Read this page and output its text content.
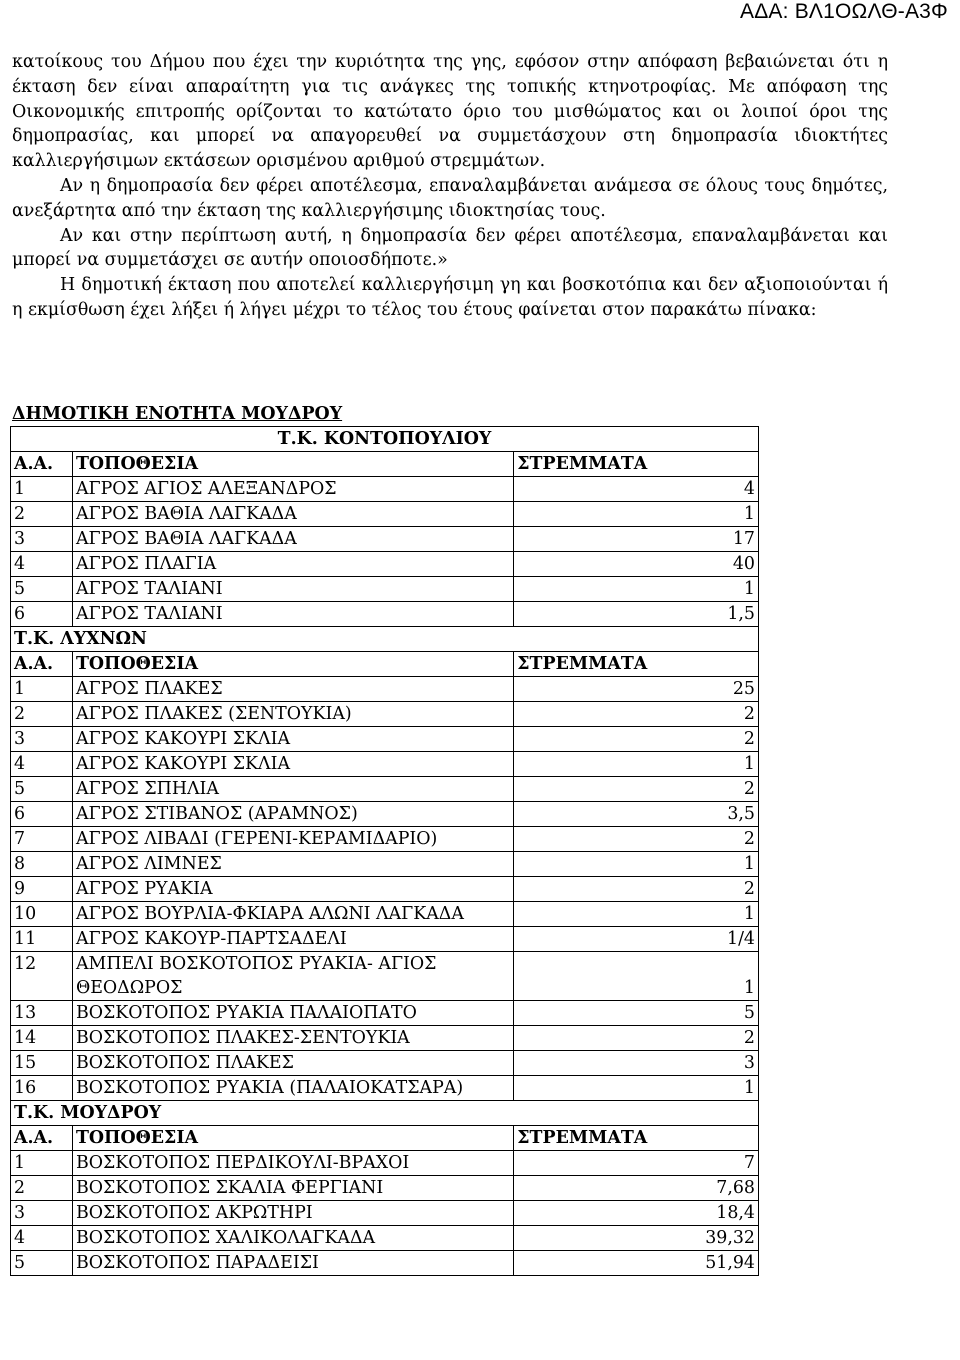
ΑΔΑ: ΒΛ1ΟΩΛΘ-Α3Φ

κατοίκους του Δήμου που έχει την κυριότητα της γης, εφόσον στην απόφαση βεβαιώνεται ότι η έκταση δεν είναι απαραίτητη για τις ανάγκες της τοπικής κτηνοτροφίας. Με απόφαση της Οικονομικής επιτροπής ορίζονται το κατώτατο όριο του μισθώματος και οι λοιποί όροι της δημοπρασίας, και μπορεί να απαγορευθεί να συμμετάσχουν στη δημοπρασία ιδιοκτήτες καλλιεργήσιμων εκτάσεων ορισμένου αριθμού στρεμμάτων.

Αν η δημοπρασία δεν φέρει αποτέλεσμα, επαναλαμβάνεται ανάμεσα σε όλους τους δημότες, ανεξάρτητα από την έκταση της καλλιεργήσιμης ιδιοκτησίας τους.

Αν και στην περίπτωση αυτή, η δημοπρασία δεν φέρει αποτέλεσμα, επαναλαμβάνεται και μπορεί να συμμετάσχει σε αυτήν οποιοσδήποτε.»

Η δημοτική έκταση που αποτελεί καλλιεργήσιμη γη και βοσκοτόπια και δεν αξιοποιούνται ή η εκμίσθωση έχει λήξει ή λήγει μέχρι το τέλος του έτους φαίνεται στον παρακάτω πίνακα:

ΔΗΜΟΤΙΚΗ ΕΝΟΤΗΤΑ ΜΟΥΔΡΟΥ
Τ.Κ. ΚΟΝΤΟΠΟΥΛΙΟΥ		
Α.Α.	ΤΟΠΟΘΕΣΙΑ	ΣΤΡΕΜΜΑΤΑ
1	ΑΓΡΟΣ ΑΓΙΟΣ ΑΛΕΞΑΝΔΡΟΣ	4
2	ΑΓΡΟΣ ΒΑΘΙΑ ΛΑΓΚΑΔΑ	1
3	ΑΓΡΟΣ ΒΑΘΙΑ ΛΑΓΚΑΔΑ	17
4	ΑΓΡΟΣ ΠΛΑΓΙΑ	40
5	ΑΓΡΟΣ ΤΑΛΙΑΝΙ	1
6	ΑΓΡΟΣ ΤΑΛΙΑΝΙ	1,5
Τ.Κ. ΛΥΧΝΩΝ		
Α.Α.	ΤΟΠΟΘΕΣΙΑ	ΣΤΡΕΜΜΑΤΑ
1	ΑΓΡΟΣ ΠΛΑΚΕΣ	25
2	ΑΓΡΟΣ ΠΛΑΚΕΣ (ΣΕΝΤΟΥΚΙΑ)	2
3	ΑΓΡΟΣ ΚΑΚΟΥΡΙ ΣΚΛΙΑ	2
4	ΑΓΡΟΣ ΚΑΚΟΥΡΙ ΣΚΛΙΑ	1
5	ΑΓΡΟΣ ΣΠΗΛΙΑ	2
6	ΑΓΡΟΣ ΣΤΙΒΑΝΟΣ (ΑΡΑΜΝΟΣ)	3,5
7	ΑΓΡΟΣ ΛΙΒΑΔΙ (ΓΕΡΕΝΙ-ΚΕΡΑΜΙΔΑΡΙΟ)	2
8	ΑΓΡΟΣ ΛΙΜΝΕΣ	1
9	ΑΓΡΟΣ ΡΥΑΚΙΑ	2
10	ΑΓΡΟΣ ΒΟΥΡΛΙΑ-ΦΚΙΑΡΑ ΑΛΩΝΙ ΛΑΓΚΑΔΑ	1
11	ΑΓΡΟΣ ΚΑΚΟΥΡ-ΠΑΡΤΣΑΔΕΛΙ	1/4
12	ΑΜΠΕΛΙ ΒΟΣΚΟΤΟΠΟΣ ΡΥΑΚΙΑ- ΑΓΙΟΣ ΘΕΟΔΩΡΟΣ	1
13	ΒΟΣΚΟΤΟΠΟΣ ΡΥΑΚΙΑ ΠΑΛΑΙΟΠΑΤΟ	5
14	ΒΟΣΚΟΤΟΠΟΣ ΠΛΑΚΕΣ-ΣΕΝΤΟΥΚΙΑ	2
15	ΒΟΣΚΟΤΟΠΟΣ ΠΛΑΚΕΣ	3
16	ΒΟΣΚΟΤΟΠΟΣ ΡΥΑΚΙΑ (ΠΑΛΑΙΟΚΑΤΣΑΡΑ)	1
Τ.Κ. ΜΟΥΔΡΟΥ		
Α.Α.	ΤΟΠΟΘΕΣΙΑ	ΣΤΡΕΜΜΑΤΑ
1	ΒΟΣΚΟΤΟΠΟΣ ΠΕΡΔΙΚΟΥΛΙ-ΒΡΑΧΟΙ	7
2	ΒΟΣΚΟΤΟΠΟΣ ΣΚΑΛΙΑ ΦΕΡΓΙΑΝΙ	7,68
3	ΒΟΣΚΟΤΟΠΟΣ ΑΚΡΩΤΗΡΙ	18,4
4	ΒΟΣΚΟΤΟΠΟΣ ΧΑΛΙΚΟΛΑΓΚΑΔΑ	39,32
5	ΒΟΣΚΟΤΟΠΟΣ ΠΑΡΑΔΕΙΣΙ	51,94
